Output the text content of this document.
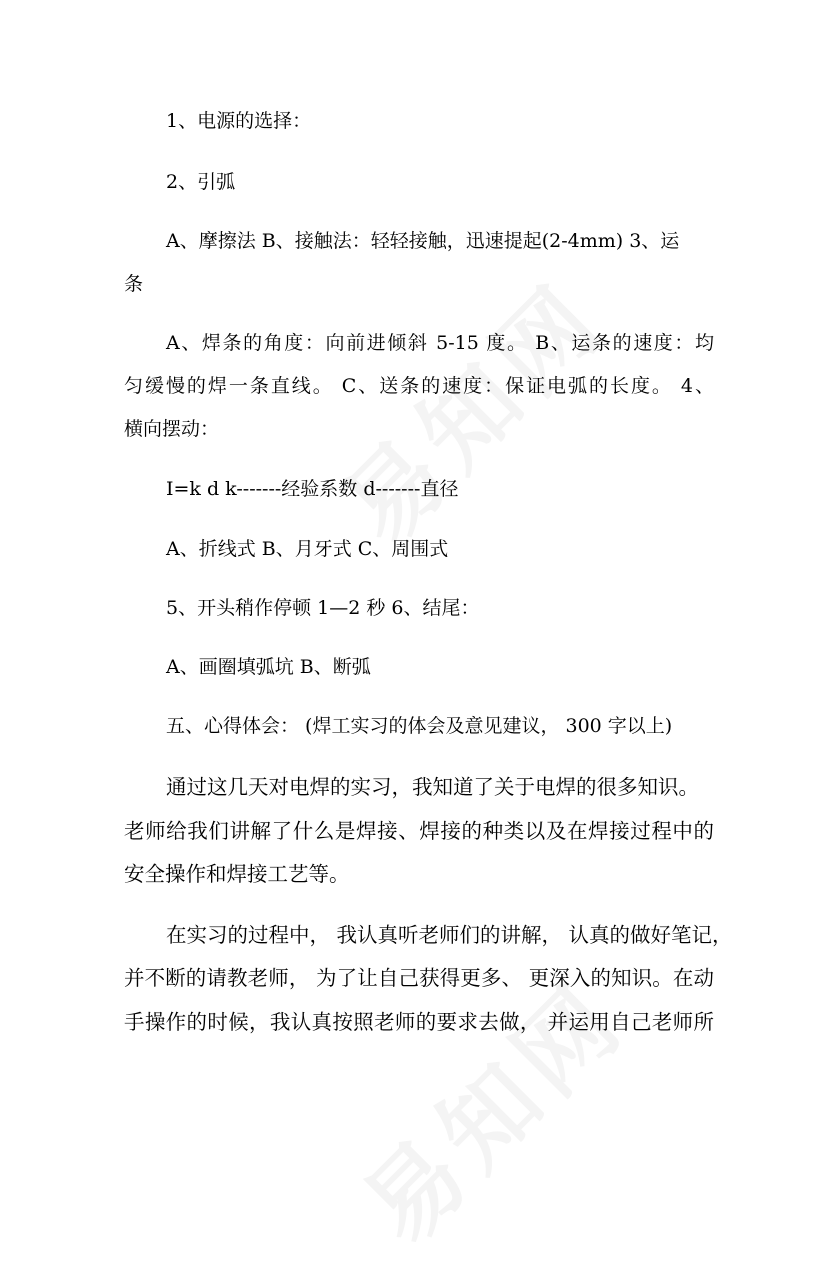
1、电源的选择：
2、引弧
A、摩擦法 B、接触法：轻轻接触，迅速提起(2-4mm) 3、运
条
A、焊条的角度：向前进倾斜 5-15 度。 B、运条的速度：均
匀缓慢的焊一条直线。 C、送条的速度：保证电弧的长度。 4、
横向摆动：
I=k d k-------经验系数 d-------直径
A、折线式 B、月牙式 C、周围式
5、开头稍作停顿 1—2 秒 6、结尾：
A、画圈填弧坑 B、断弧
五、心得体会： (焊工实习的体会及意见建议， 300 字以上)
通过这几天对电焊的实习，我知道了关于电焊的很多知识。
老师给我们讲解了什么是焊接、焊接的种类以及在焊接过程中的
安全操作和焊接工艺等。
在实习的过程中， 我认真听老师们的讲解， 认真的做好笔记，
并不断的请教老师， 为了让自己获得更多、 更深入的知识。在动
手操作的时候，我认真按照老师的要求去做， 并运用自己老师所
